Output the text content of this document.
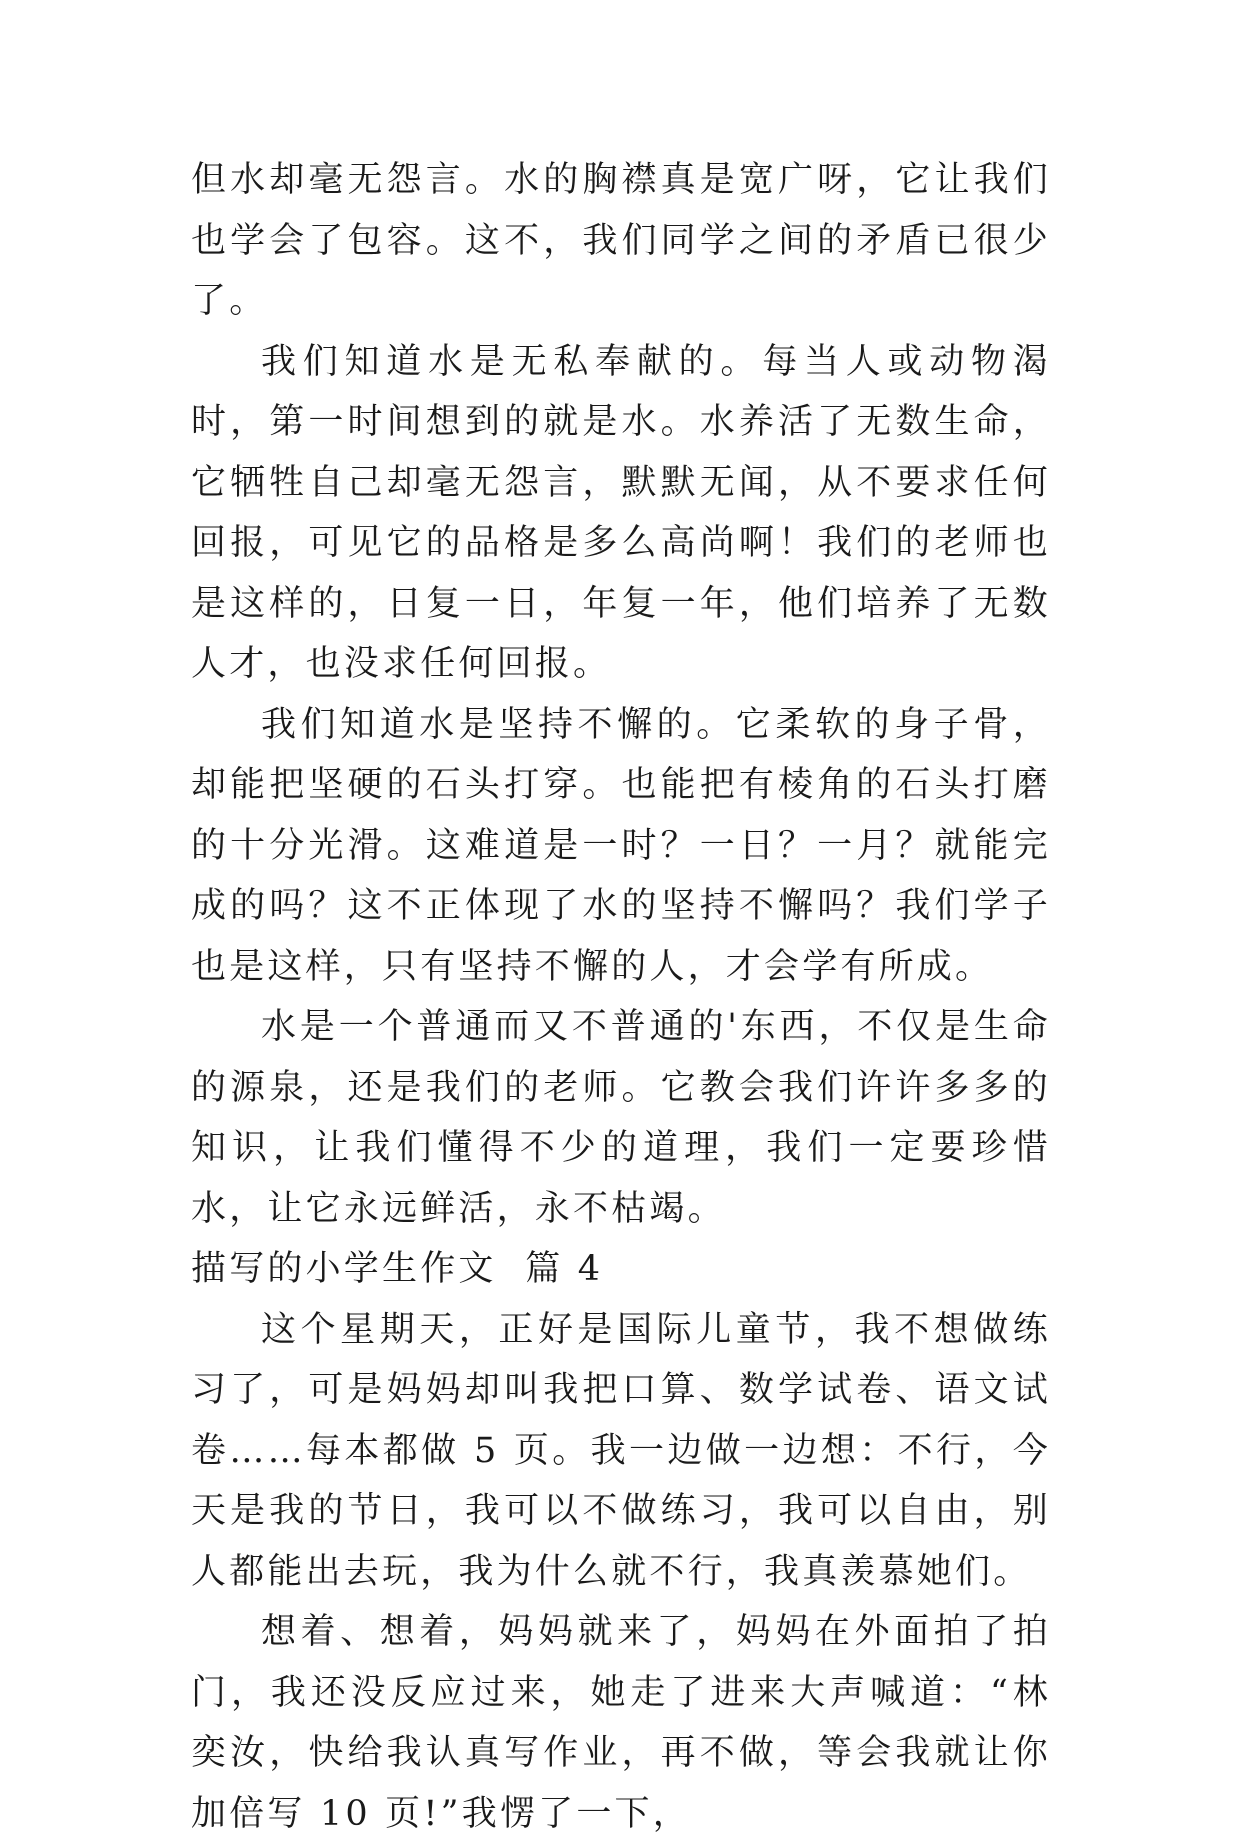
但水却毫无怨言。水的胸襟真是宽广呀，它让我们也学会了包容。这不，我们同学之间的矛盾已很少了。

我们知道水是无私奉献的。每当人或动物渴时，第一时间想到的就是水。水养活了无数生命，它牺牲自己却毫无怨言，默默无闻，从不要求任何回报，可见它的品格是多么高尚啊！我们的老师也是这样的，日复一日，年复一年，他们培养了无数人才，也没求任何回报。

我们知道水是坚持不懈的。它柔软的身子骨，却能把坚硬的石头打穿。也能把有棱角的石头打磨的十分光滑。这难道是一时？一日？一月？就能完成的吗？这不正体现了水的坚持不懈吗？我们学子也是这样，只有坚持不懈的人，才会学有所成。

水是一个普通而又不普通的'东西，不仅是生命的源泉，还是我们的老师。它教会我们许许多多的知识，让我们懂得不少的道理，我们一定要珍惜水，让它永远鲜活，永不枯竭。

描写的小学生作文  篇 4

这个星期天，正好是国际儿童节，我不想做练习了，可是妈妈却叫我把口算、数学试卷、语文试卷……每本都做 5 页。我一边做一边想：不行，今天是我的节日，我可以不做练习，我可以自由，别人都能出去玩，我为什么就不行，我真羡慕她们。

想着、想着，妈妈就来了，妈妈在外面拍了拍门，我还没反应过来，她走了进来大声喊道：“林奕汝，快给我认真写作业，再不做，等会我就让你加倍写 10 页!”我愣了一下，
